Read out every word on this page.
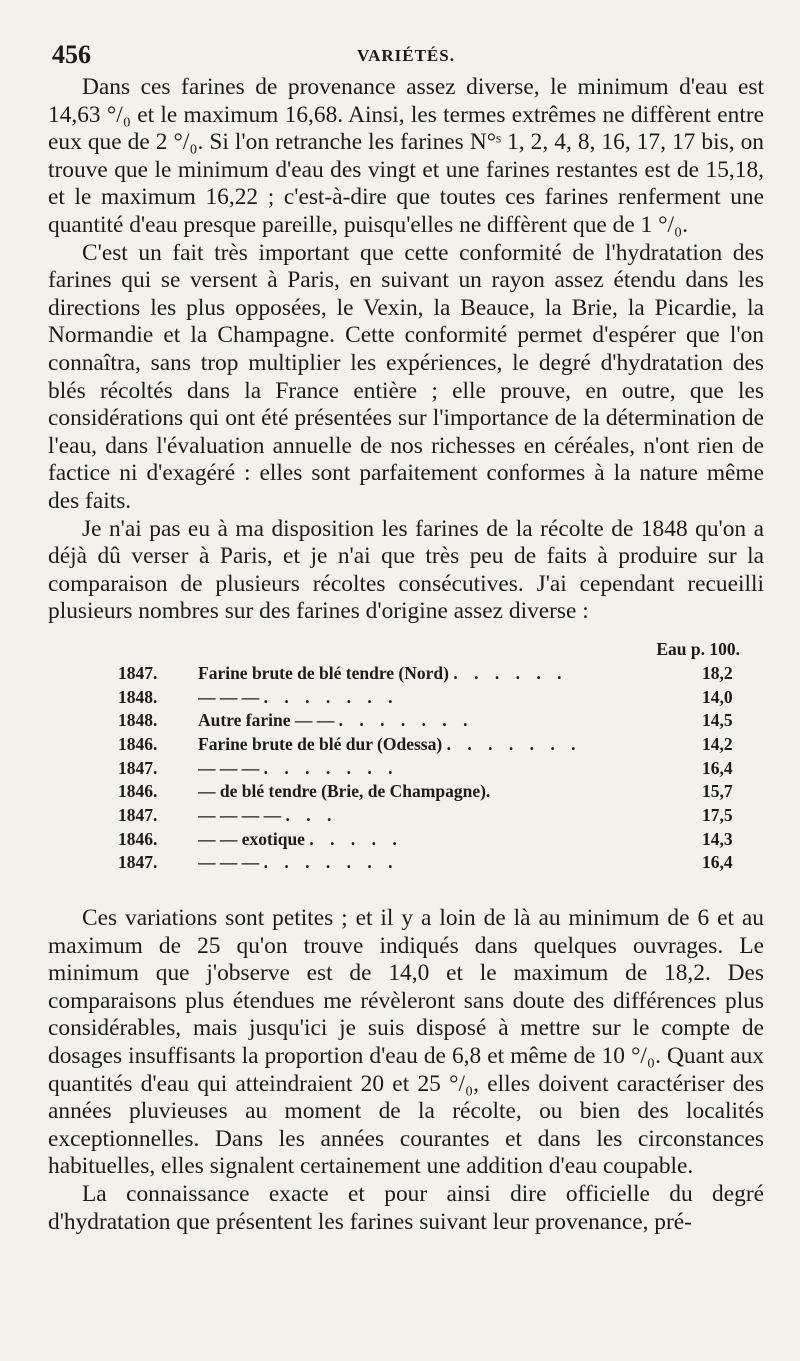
456	VARIÉTÉS.

Dans ces farines de provenance assez diverse, le minimum d'eau est 14,63 °/₀ et le maximum 16,68. Ainsi, les termes extrêmes ne diffèrent entre eux que de 2 °/₀. Si l'on retranche les farines N°ˢ 1, 2, 4, 8, 16, 17, 17 bis, on trouve que le minimum d'eau des vingt et une farines restantes est de 15,18, et le maximum 16,22 ; c'est-à-dire que toutes ces farines renferment une quantité d'eau presque pareille, puisqu'elles ne diffèrent que de 1 °/₀.

C'est un fait très important que cette conformité de l'hydratation des farines qui se versent à Paris, en suivant un rayon assez étendu dans les directions les plus opposées, le Vexin, la Beauce, la Brie, la Picardie, la Normandie et la Champagne. Cette conformité permet d'espérer que l'on connaîtra, sans trop multiplier les expériences, le degré d'hydratation des blés récoltés dans la France entière ; elle prouve, en outre, que les considérations qui ont été présentées sur l'importance de la détermination de l'eau, dans l'évaluation annuelle de nos richesses en céréales, n'ont rien de factice ni d'exagéré : elles sont parfaitement conformes à la nature même des faits.

Je n'ai pas eu à ma disposition les farines de la récolte de 1848 qu'on a déjà dû verser à Paris, et je n'ai que très peu de faits à produire sur la comparaison de plusieurs récoltes consécutives. J'ai cependant recueilli plusieurs nombres sur des farines d'origine assez diverse :

Eau p. 100.
1847.	Farine brute de blé tendre (Nord) . . . . . .	18,2
1848.	— — — . . . . . . .	14,0
1848.	Autre farine — — . . . . . . .	14,5
1846.	Farine brute de blé dur (Odessa) . . . . . . .	14,2
1847.	— — — . . . . . . .	16,4
1846.	— de blé tendre (Brie, de Champagne).	15,7
1847.	— — — — . . .	17,5
1846.	— — exotique . . . . .	14,3
1847.	— — — . . . . . . .	16,4

Ces variations sont petites ; et il y a loin de là au minimum de 6 et au maximum de 25 qu'on trouve indiqués dans quelques ouvrages. Le minimum que j'observe est de 14,0 et le maximum de 18,2. Des comparaisons plus étendues me révèleront sans doute des différences plus considérables, mais jusqu'ici je suis disposé à mettre sur le compte de dosages insuffisants la proportion d'eau de 6,8 et même de 10 °/₀. Quant aux quantités d'eau qui atteindraient 20 et 25 °/₀, elles doivent caractériser des années pluvieuses au moment de la récolte, ou bien des localités exceptionnelles. Dans les années courantes et dans les circonstances habituelles, elles signalent certainement une addition d'eau coupable.

La connaissance exacte et pour ainsi dire officielle du degré d'hydratation que présentent les farines suivant leur provenance, pré-
